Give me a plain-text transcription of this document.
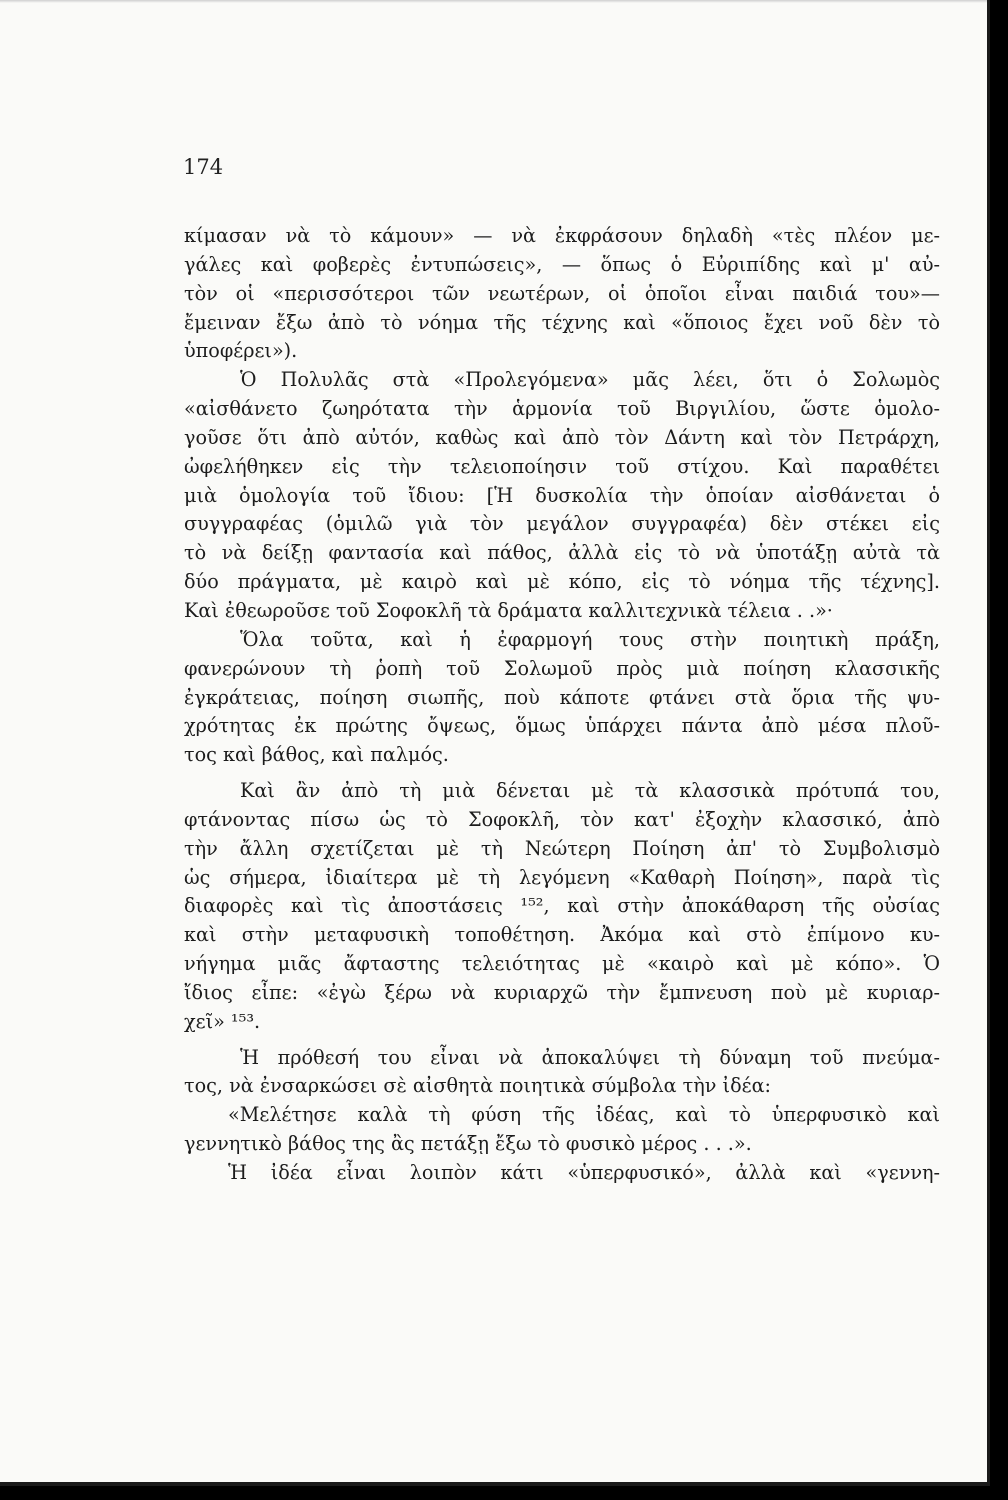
174
κίμασαν νὰ τὸ κάμουν» — νὰ ἐκφράσουν δηλαδὴ «τὲς πλέον με-
γάλες καὶ φοβερὲς ἐντυπώσεις», — ὅπως ὁ Εὐριπίδης καὶ μ' αὐ-
τὸν οἱ «περισσότεροι τῶν νεωτέρων, οἱ ὁποῖοι εἶναι παιδιά του»—
ἔμειναν ἔξω ἀπὸ τὸ νόημα τῆς τέχνης καὶ «ὅποιος ἔχει νοῦ δὲν τὸ
ὑποφέρει»).
Ὁ Πολυλᾶς στὰ «Προλεγόμενα» μᾶς λέει, ὅτι ὁ Σολωμὸς
«αἰσθάνετο ζωηρότατα τὴν ἁρμονία τοῦ Βιργιλίου, ὥστε ὁμολο-
γοῦσε ὅτι ἀπὸ αὐτόν, καθὼς καὶ ἀπὸ τὸν Δάντη καὶ τὸν Πετράρχη,
ὠφελήθηκεν εἰς τὴν τελειοποίησιν τοῦ στίχου. Καὶ παραθέτει
μιὰ ὁμολογία τοῦ ἴδιου: [Ἡ δυσκολία τὴν ὁποίαν αἰσθάνεται ὁ
συγγραφέας (ὁμιλῶ γιὰ τὸν μεγάλον συγγραφέα) δὲν στέκει εἰς
τὸ νὰ δείξῃ φαντασία καὶ πάθος, ἀλλὰ εἰς τὸ νὰ ὑποτάξῃ αὐτὰ τὰ
δύο πράγματα, μὲ καιρὸ καὶ μὲ κόπο, εἰς τὸ νόημα τῆς τέχνης].
Καὶ ἐθεωροῦσε τοῦ Σοφοκλῆ τὰ δράματα καλλιτεχνικὰ τέλεια . .»·
Ὅλα τοῦτα, καὶ ἡ ἐφαρμογή τους στὴν ποιητικὴ πράξη,
φανερώνουν τὴ ῥοπὴ τοῦ Σολωμοῦ πρὸς μιὰ ποίηση κλασσικῆς
ἐγκράτειας, ποίηση σιωπῆς, ποὺ κάποτε φτάνει στὰ ὅρια τῆς ψυ-
χρότητας ἐκ πρώτης ὄψεως, ὅμως ὑπάρχει πάντα ἀπὸ μέσα πλοῦ-
τος καὶ βάθος, καὶ παλμός.
Καὶ ἂν ἀπὸ τὴ μιὰ δένεται μὲ τὰ κλασσικὰ πρότυπά του,
φτάνοντας πίσω ὡς τὸ Σοφοκλῆ, τὸν κατ' ἐξοχὴν κλασσικό, ἀπὸ
τὴν ἄλλη σχετίζεται μὲ τὴ Νεώτερη Ποίηση ἀπ' τὸ Συμβολισμὸ
ὡς σήμερα, ἰδιαίτερα μὲ τὴ λεγόμενη «Καθαρὴ Ποίηση», παρὰ τὶς
διαφορὲς καὶ τὶς ἀποστάσεις ¹⁵², καὶ στὴν ἀποκάθαρση τῆς οὐσίας
καὶ στὴν μεταφυσικὴ τοποθέτηση. Ἀκόμα καὶ στὸ ἐπίμονο κυ-
νήγημα μιᾶς ἄφταστης τελειότητας μὲ «καιρὸ καὶ μὲ κόπο». Ὁ
ἴδιος εἶπε: «ἐγὼ ξέρω νὰ κυριαρχῶ τὴν ἔμπνευση ποὺ μὲ κυριαρ-
χεῖ» ¹⁵³.
Ἡ πρόθεσή του εἶναι νὰ ἀποκαλύψει τὴ δύναμη τοῦ πνεύμα-
τος, νὰ ἐνσαρκώσει σὲ αἰσθητὰ ποιητικὰ σύμβολα τὴν ἰδέα:
«Μελέτησε καλὰ τὴ φύση τῆς ἰδέας, καὶ τὸ ὑπερφυσικὸ καὶ
γεννητικὸ βάθος της ἂς πετάξῃ ἔξω τὸ φυσικὸ μέρος . . .».
Ἡ ἰδέα εἶναι λοιπὸν κάτι «ὑπερφυσικό», ἀλλὰ καὶ «γεννη-
